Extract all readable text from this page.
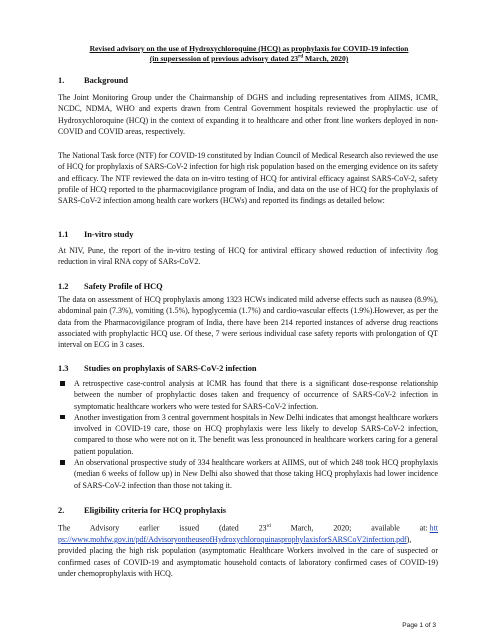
Revised advisory on the use of Hydroxychloroquine (HCQ) as prophylaxis for COVID-19 infection
(in supersession of previous advisory dated 23rd March, 2020)
1. Background
The Joint Monitoring Group under the Chairmanship of DGHS and including representatives from AIIMS, ICMR, NCDC, NDMA, WHO and experts drawn from Central Government hospitals reviewed the prophylactic use of Hydroxychloroquine (HCQ) in the context of expanding it to healthcare and other front line workers deployed in non-COVID and COVID areas, respectively.
The National Task force (NTF) for COVID-19 constituted by Indian Council of Medical Research also reviewed the use of HCQ for prophylaxis of SARS-CoV-2 infection for high risk population based on the emerging evidence on its safety and efficacy. The NTF reviewed the data on in-vitro testing of HCQ for antiviral efficacy against SARS-CoV-2, safety profile of HCQ reported to the pharmacovigilance program of India, and data on the use of HCQ for the prophylaxis of SARS-CoV-2 infection among health care workers (HCWs) and reported its findings as detailed below:
1.1 In-vitro study
At NIV, Pune, the report of the in-vitro testing of HCQ for antiviral efficacy showed reduction of infectivity /log reduction in viral RNA copy of SARs-CoV2.
1.2 Safety Profile of HCQ
The data on assessment of HCQ prophylaxis among 1323 HCWs indicated mild adverse effects such as nausea (8.9%), abdominal pain (7.3%), vomiting (1.5%), hypoglycemia (1.7%) and cardio-vascular effects (1.9%).However, as per the data from the Pharmacovigilance program of India, there have been 214 reported instances of adverse drug reactions associated with prophylactic HCQ use. Of these, 7 were serious individual case safety reports with prolongation of QT interval on ECG in 3 cases.
1.3 Studies on prophylaxis of SARS-CoV-2 infection
A retrospective case-control analysis at ICMR has found that there is a significant dose-response relationship between the number of prophylactic doses taken and frequency of occurrence of SARS-CoV-2 infection in symptomatic healthcare workers who were tested for SARS-CoV-2 infection.
Another investigation from 3 central government hospitals in New Delhi indicates that amongst healthcare workers involved in COVID-19 care, those on HCQ prophylaxis were less likely to develop SARS-CoV-2 infection, compared to those who were not on it. The benefit was less pronounced in healthcare workers caring for a general patient population.
An observational prospective study of 334 healthcare workers at AIIMS, out of which 248 took HCQ prophylaxis (median 6 weeks of follow up) in New Delhi also showed that those taking HCQ prophylaxis had lower incidence of SARS-CoV-2 infection than those not taking it.
2. Eligibility criteria for HCQ prophylaxis
The          Advisory          earlier          issued          (dated          23rd          March,          2020;          available          at: https://www.mohfw.gov.in/pdf/AdvisoryontheuseofHydroxychloroquinasprophylaxisforSARSCoV2infection.pdf), provided placing the high risk population (asymptomatic Healthcare Workers involved in the care of suspected or confirmed cases of COVID-19 and asymptomatic household contacts of laboratory confirmed cases of COVID-19) under chemoprophylaxis with HCQ.
Page 1 of 3
